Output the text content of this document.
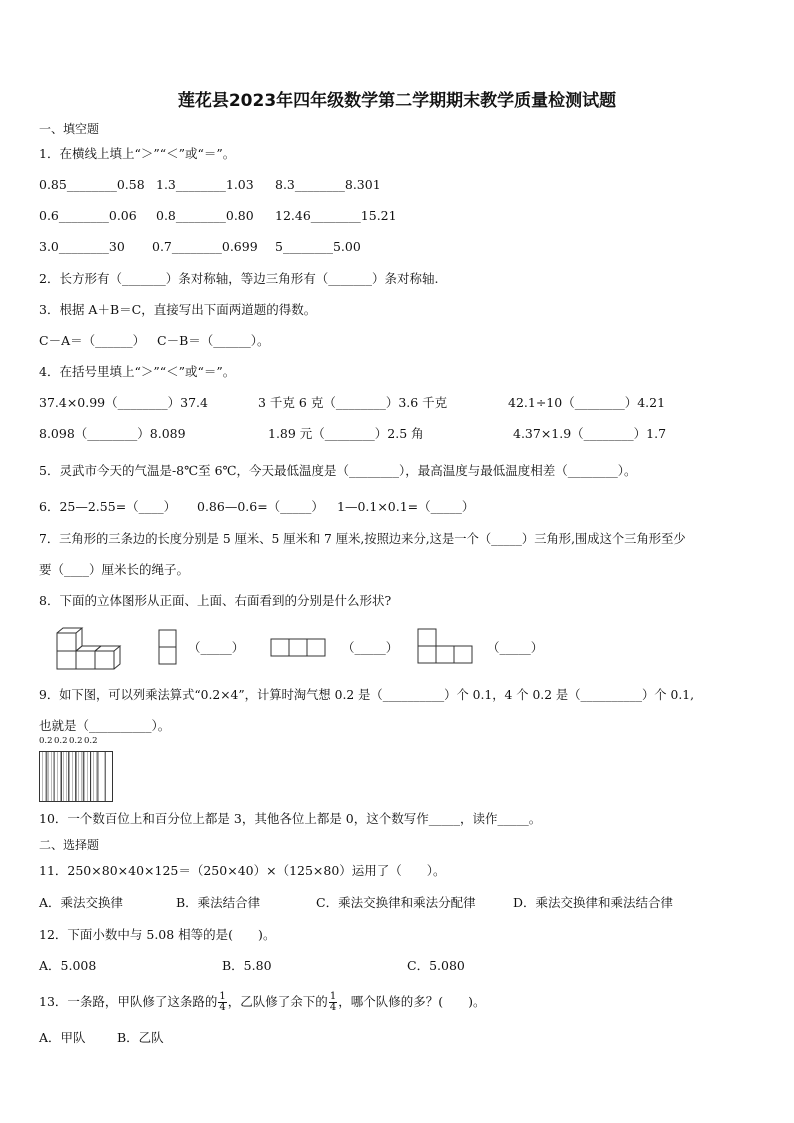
莲花县2023年四年级数学第二学期期末教学质量检测试题
一、填空题
1．在横线上填上“＞”“＜”或“＝”。
0.85________0.58 1.3________1.03 8.3________8.301
0.6________0.06 0.8________0.80 12.46________15.21
3.0________30 0.7________0.699 5________5.00
2．长方形有（_______）条对称轴，等边三角形有（_______）条对称轴.
3．根据 A＋B＝C，直接写出下面两道题的得数。
C－A＝（______）   C－B＝（______）。
4．在括号里填上“＞”“＜”或“＝”。
37.4×0.99（________）37.4	3 千克 6 克（________）3.6 千克	42.1÷10（________）4.21
8.098（________）8.089	1.89 元（________）2.5 角	4.37×1.9（________）1.7
5．灵武市今天的气温是-8℃至 6℃，今天最低温度是（________），最高温度与最低温度相差（________）。
6．25—2.55=（____） 0.86—0.6=（_____） 1—0.1×0.1=（_____）
7．三角形的三条边的长度分别是 5 厘米、5 厘米和 7 厘米,按照边来分,这是一个（_____）三角形,围成这个三角形至少
要（____）厘米长的绳子。
8．下面的立体图形从正面、上面、右面看到的分别是什么形状?
（_____）	（_____）	（_____）
9．如下图，可以列乘法算式“0.2×4”，计算时淘气想 0.2 是（__________）个 0.1，4 个 0.2 是（__________）个 0.1,
也就是（__________）。
0.2 0.2 0.2 0.2
10．一个数百位上和百分位上都是 3，其他各位上都是 0，这个数写作_____，读作_____。
二、选择题
11．250×80×40×125＝（250×40）×（125×80）运用了（　　）。
A．乘法交换律	B．乘法结合律	C．乘法交换律和乘法分配律	D．乘法交换律和乘法结合律
12．下面小数中与 5.08 相等的是(　　)。
A．5.008	B．5.80	C．5.080
13．一条路，甲队修了这条路的 $\frac{1}{4}$ ，乙队修了余下的 $\frac{1}{4}$ ，哪个队修的多？(　　)。
A．甲队	B．乙队
